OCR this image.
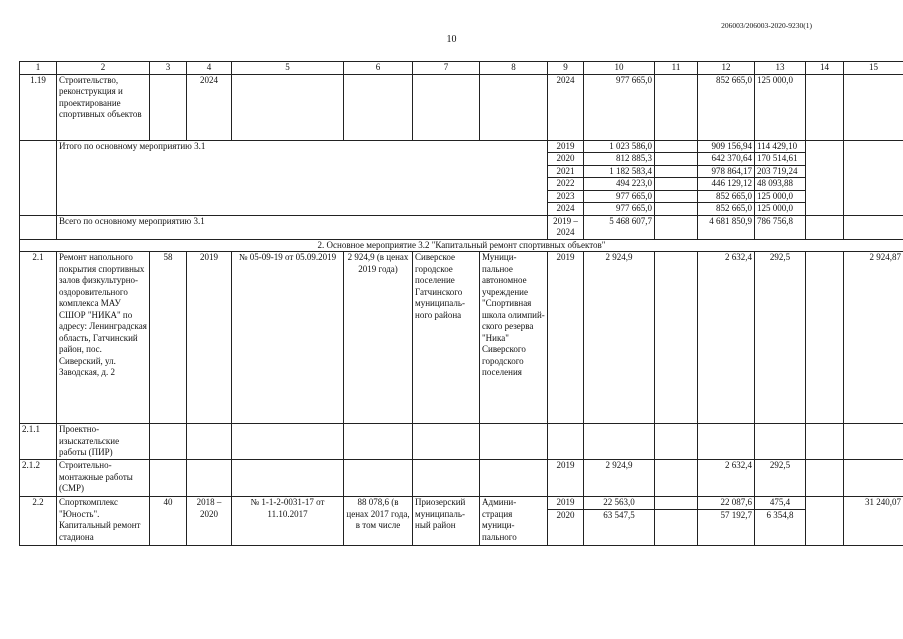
206003/206003-2020-9230(1)
10
1	2	3	4	5	6	7	8	9	10	11	12	13	14	15
1.19	Строительство, реконструкция и проектирование спортивных объектов		2024					2024	977 665,0		852 665,0	125 000,0		
	Итого по основному мероприятию 3.1							2019	1 023 586,0		909 156,94	114 429,10		
								2020	812 885,3		642 370,64	170 514,61		
								2021	1 182 583,4		978 864,17	203 719,24		
								2022	494 223,0		446 129,12	48 093,88		
								2023	977 665,0		852 665,0	125 000,0		
								2024	977 665,0		852 665,0	125 000,0		
	Всего по основному мероприятию 3.1							2019 – 2024	5 468 607,7		4 681 850,9	786 756,8		
2. Основное мероприятие 3.2 "Капитальный ремонт спортивных объектов"														
2.1	Ремонт напольного покрытия спортивных залов физкультурно-оздоровительного комплекса МАУ СШОР "НИКА" по адресу: Ленинградская область, Гатчинский район, пос. Сиверский, ул. Заводская, д. 2	58	2019	№ 05-09-19 от 05.09.2019	2 924,9 (в ценах 2019 года)	Сиверское городское поселение Гатчинского муниципаль-ного района	Муници-пальное автономное учреждение "Спортивная школа олимпий-ского резерва "Ника" Сиверского городского поселения	2019	2 924,9		2 632,4	292,5		2 924,87
2.1.1	Проектно-изыскательские работы (ПИР)													
2.1.2	Строительно-монтажные работы (СМР)							2019	2 924,9		2 632,4	292,5		
2.2	Спорткомплекс "Юность". Капитальный ремонт стадиона	40	2018 – 2020	№ 1-1-2-0031-17 от 11.10.2017	88 078,6 (в ценах 2017 года, в том числе	Приозерский муниципаль-ный район	Админи-страция муници-пального	2019	22 563,0		22 087,6	475,4		31 240,07
								2020	63 547,5		57 192,7	6 354,8		
